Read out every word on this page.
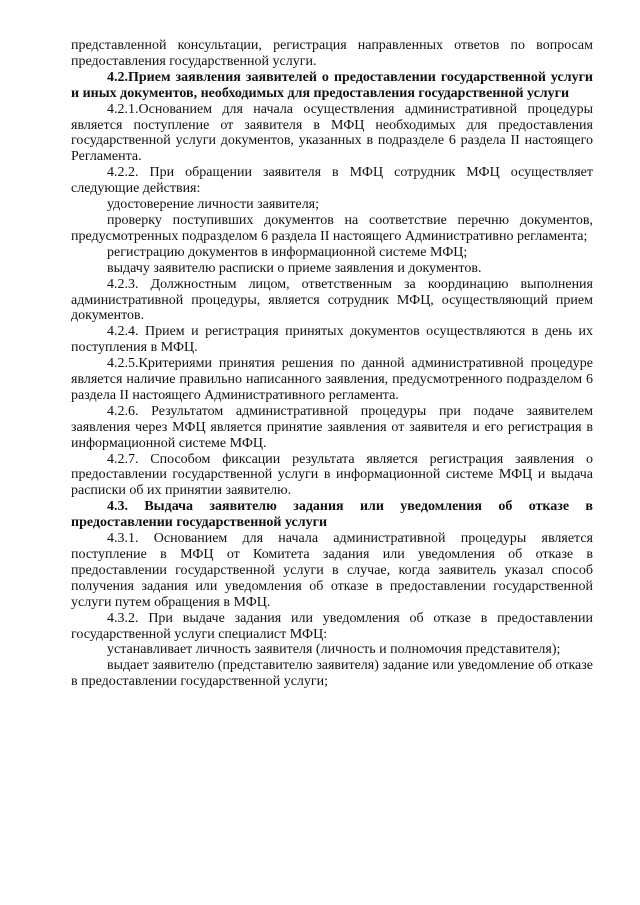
представленной консультации, регистрация направленных ответов по вопросам предоставления государственной услуги.

4.2.Прием заявления заявителей о предоставлении государственной услуги и иных документов, необходимых для предоставления государственной услуги

4.2.1.Основанием для начала осуществления административной процедуры является поступление от заявителя в МФЦ необходимых для предоставления государственной услуги документов, указанных в подразделе 6 раздела II настоящего Регламента.

4.2.2. При обращении заявителя в МФЦ сотрудник МФЦ осуществляет следующие действия:

удостоверение личности заявителя;

проверку поступивших документов на соответствие перечню документов, предусмотренных подразделом 6 раздела II настоящего Административно регламента;

регистрацию документов в информационной системе МФЦ;

выдачу заявителю расписки о приеме заявления и документов.

4.2.3. Должностным лицом, ответственным за координацию выполнения административной процедуры, является сотрудник МФЦ, осуществляющий прием документов.

4.2.4. Прием и регистрация принятых документов осуществляются в день их поступления в МФЦ.

4.2.5.Критериями принятия решения по данной административной процедуре является наличие правильно написанного заявления, предусмотренного подразделом 6 раздела II настоящего Административного регламента.

4.2.6. Результатом административной процедуры при подаче заявителем заявления через МФЦ является принятие заявления от заявителя и его регистрация в информационной системе МФЦ.

4.2.7. Способом фиксации результата является регистрация заявления о предоставлении государственной услуги в информационной системе МФЦ и выдача расписки об их принятии заявителю.

4.3. Выдача заявителю задания или уведомления об отказе в предоставлении государственной услуги

4.3.1. Основанием для начала административной процедуры является поступление в МФЦ от Комитета задания или уведомления об отказе в предоставлении государственной услуги в случае, когда заявитель указал способ получения задания или уведомления об отказе в предоставлении государственной услуги путем обращения в МФЦ.

4.3.2. При выдаче задания или уведомления об отказе в предоставлении государственной услуги специалист МФЦ:

устанавливает личность заявителя (личность и полномочия представителя);

выдает заявителю (представителю заявителя) задание или уведомление об отказе в предоставлении государственной услуги;
